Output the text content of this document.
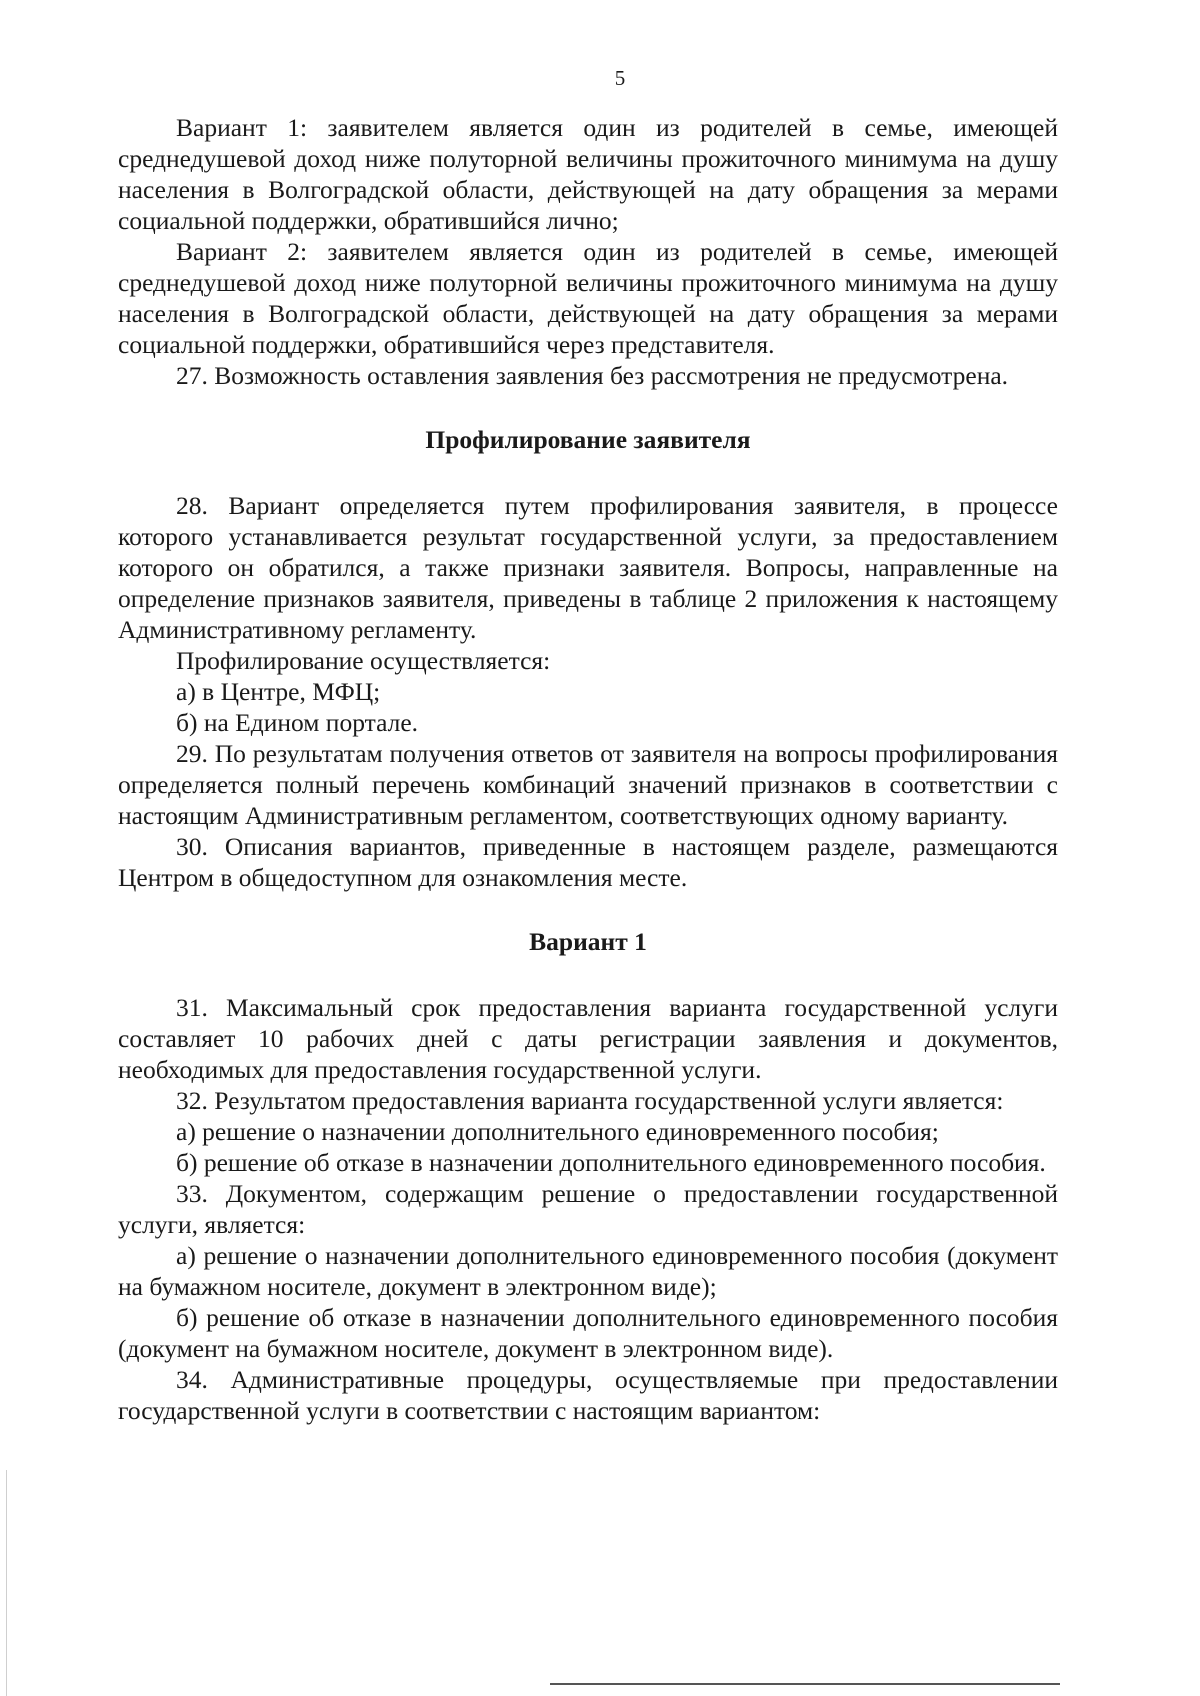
5

Вариант 1: заявителем является один из родителей в семье, имеющей среднедушевой доход ниже полуторной величины прожиточного минимума на душу населения в Волгоградской области, действующей на дату обращения за мерами социальной поддержки, обратившийся лично;

Вариант 2: заявителем является один из родителей в семье, имеющей среднедушевой доход ниже полуторной величины прожиточного минимума на душу населения в Волгоградской области, действующей на дату обращения за мерами социальной поддержки, обратившийся через представителя.

27. Возможность оставления заявления без рассмотрения не предусмотрена.

Профилирование заявителя

28. Вариант определяется путем профилирования заявителя, в процессе которого устанавливается результат государственной услуги, за предоставлением которого он обратился, а также признаки заявителя. Вопросы, направленные на определение признаков заявителя, приведены в таблице 2 приложения к настоящему Административному регламенту.

Профилирование осуществляется:

а) в Центре, МФЦ;

б) на Едином портале.

29. По результатам получения ответов от заявителя на вопросы профилирования определяется полный перечень комбинаций значений признаков в соответствии с настоящим Административным регламентом, соответствующих одному варианту.

30. Описания вариантов, приведенные в настоящем разделе, размещаются Центром в общедоступном для ознакомления месте.

Вариант 1

31. Максимальный срок предоставления варианта государственной услуги составляет 10 рабочих дней с даты регистрации заявления и документов, необходимых для предоставления государственной услуги.

32. Результатом предоставления варианта государственной услуги является:

а) решение о назначении дополнительного единовременного пособия;

б) решение об отказе в назначении дополнительного единовременного пособия.

33. Документом, содержащим решение о предоставлении государственной услуги, является:

а) решение о назначении дополнительного единовременного пособия (документ на бумажном носителе, документ в электронном виде);

б) решение об отказе в назначении дополнительного единовременного пособия (документ на бумажном носителе, документ в электронном виде).

34. Административные процедуры, осуществляемые при предоставлении государственной услуги в соответствии с настоящим вариантом:
